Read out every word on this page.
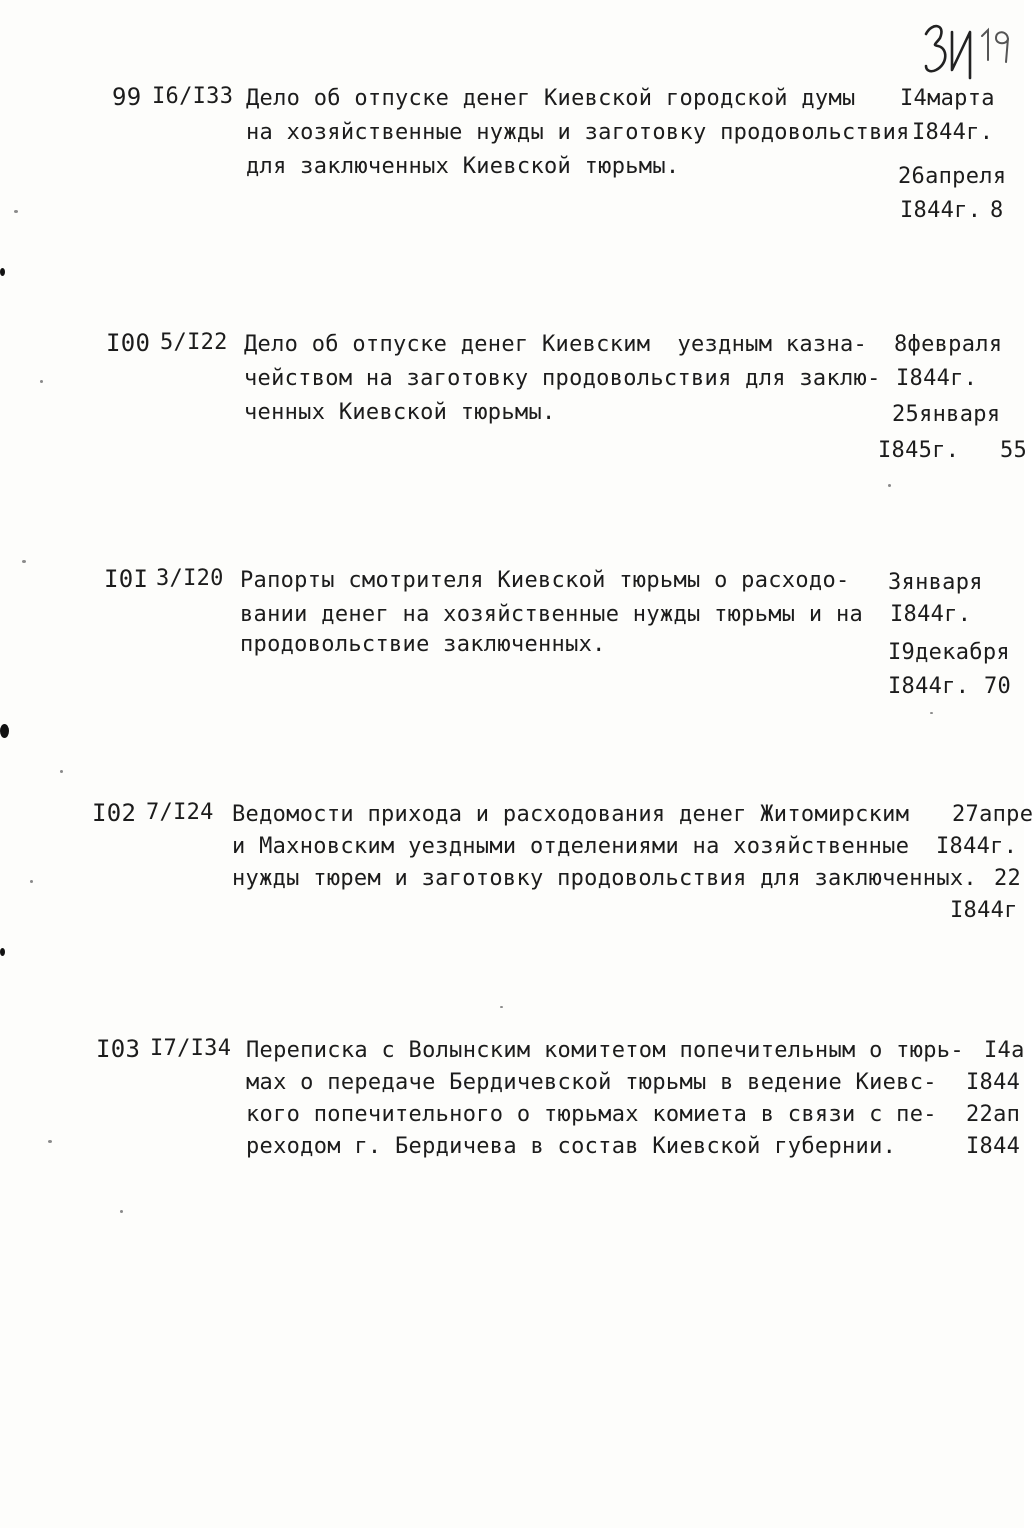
99 I6/I33 Дело об отпуске денег Киевской городской думы
на хозяйственные нужды и заготовку продовольствия
для заключенных Киевской тюрьмы.
I4марта
I844г.
26апреля
I844г. 8
I00 5/I22 Дело об отпуске денег Киевским  уездным казна-
чейством на заготовку продовольствия для заклю-
ченных Киевской тюрьмы.
8февраля
I844г.
25января
I845г. 55
I0I 3/I20 Рапорты смотрителя Киевской тюрьмы о расходо-
вании денег на хозяйственные нужды тюрьмы и на
продовольствие заключенных.
3января
I844г.
I9декабря
I844г. 70
I02 7/I24 Ведомости прихода и расходования денег Житомирским
и Махновским уездными отделениями на хозяйственные
нужды тюрем и заготовку продовольствия для заключенных.
27апре
I844г.
22
I844г
I03 I7/I34 Переписка с Волынским комитетом попечительным о тюрь-
мах о передаче Бердичевской тюрьмы в ведение Киевс-
кого попечительного о тюрьмах комиета в связи с пе-
реходом г. Бердичева в состав Киевской губернии.
I4а
I844
22ап
I844
